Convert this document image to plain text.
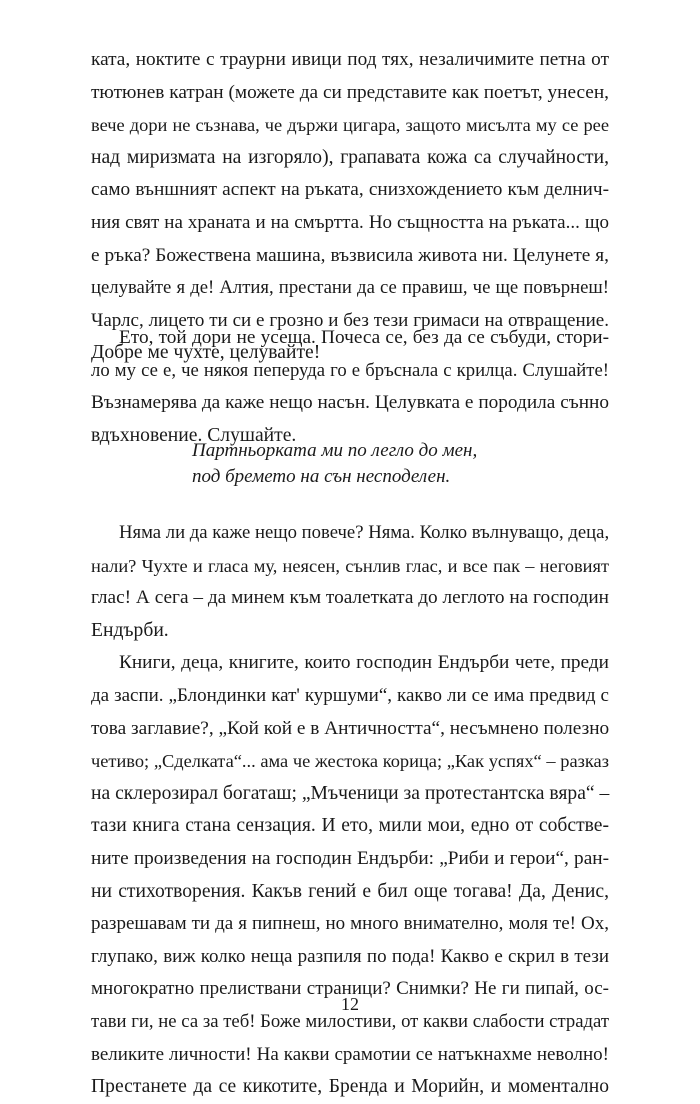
ката, ноктите с траурни ивици под тях, незаличимите петна от
тютюнев катран (можете да си представите как поетът, унесен,
вече дори не съзнава, че държи цигара, защото мисълта му се рее
над миризмата на изгоряло), грапавата кожа са случайности,
само външният аспект на ръката, снизхождението към делнич-
ния свят на храната и на смъртта. Но същността на ръката... що
е ръка? Божествена машина, възвисила живота ни. Целунете я,
целувайте я де! Алтия, престани да се правиш, че ще повърнеш!
Чарлс, лицето ти си е грозно и без тези гримаси на отвращение.
Добре ме чухте, целувайте!
Ето, той дори не усеща. Почеса се, без да се събуди, стори-
ло му се е, че някоя пеперуда го е бръснала с крилца. Слушайте!
Възнамерява да каже нещо насън. Целувката е породила сънно
вдъхновение. Слушайте.
Партньорката ми по легло до мен,
под бремето на сън несподелен.
Няма ли да каже нещо повече? Няма. Колко вълнуващо, деца,
нали? Чухте и гласа му, неясен, сънлив глас, и все пак – неговият
глас! А сега – да минем към тоалетката до леглото на господин
Ендърби.
Книги, деца, книгите, които господин Ендърби чете, преди
да заспи. „Блондинки кат' куршуми“, какво ли се има предвид с
това заглавие?, „Кой кой е в Античността“, несъмнено полезно
четиво; „Сделката“... ама че жестока корица; „Как успях“ – разказ
на склерозирал богаташ; „Мъченици за протестантска вяра“ –
тази книга стана сензация. И ето, мили мои, едно от собстве-
ните произведения на господин Ендърби: „Риби и герои“, ран-
ни стихотворения. Какъв гений е бил още тогава! Да, Денис,
разрешавам ти да я пипнеш, но много внимателно, моля те! Ох,
глупако, виж колко неща разпиля по пода! Какво е скрил в тези
многократно прелиствани страници? Снимки? Не ги пипай, ос-
тави ги, не са за теб! Боже милостиви, от какви слабости страдат
великите личности! На какви срамотии се натъкнахме неволно!
Престанете да се кикотите, Бренда и Морийн, и моментално
12
